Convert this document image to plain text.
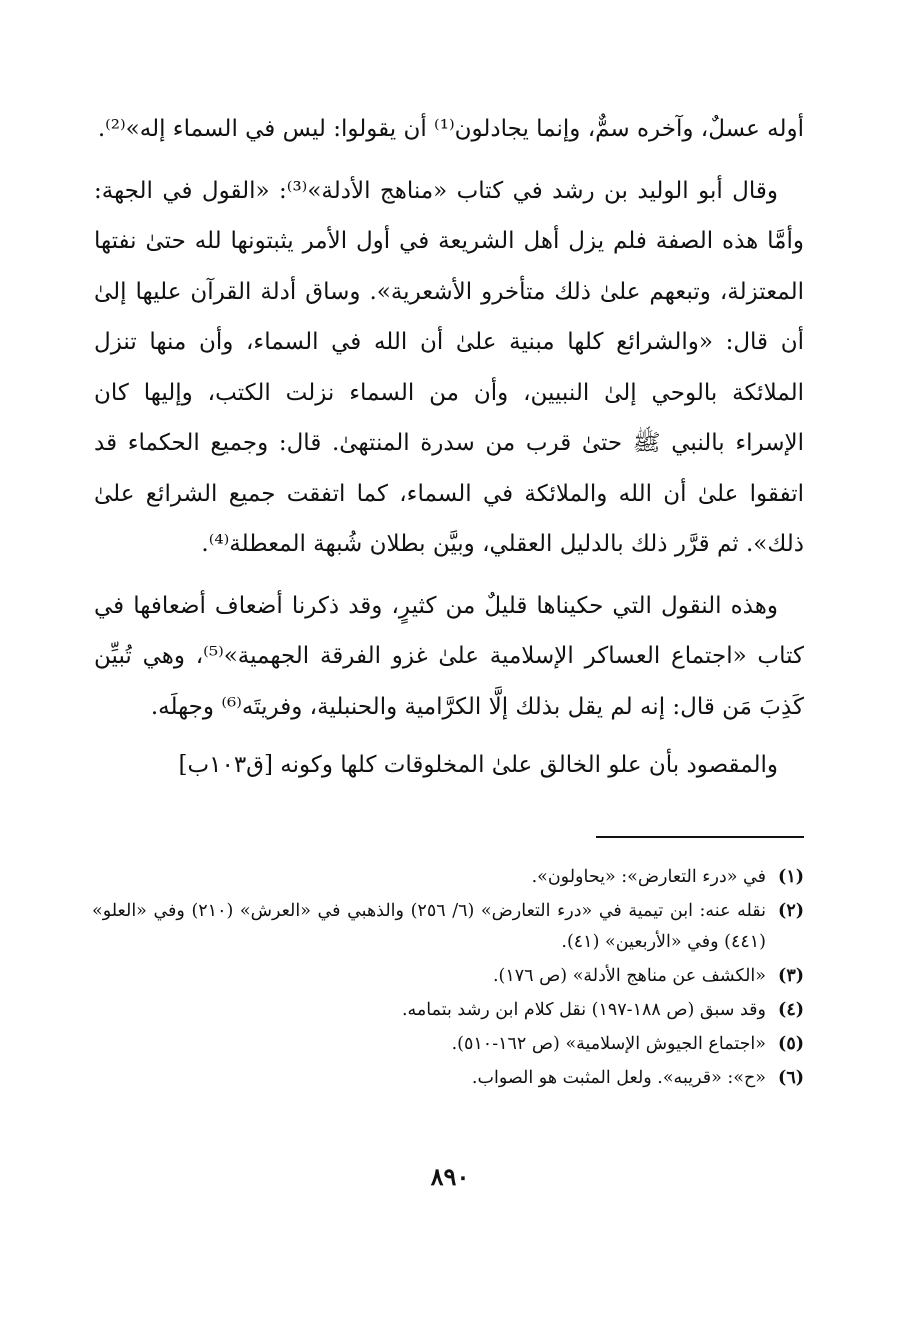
أوله عسلٌ، وآخره سمٌّ، وإنما يجادلون⁽¹⁾ أن يقولوا: ليس في السماء إله»⁽²⁾.

وقال أبو الوليد بن رشد في كتاب «مناهج الأدلة»⁽³⁾: «القول في الجهة: وأمَّا هذه الصفة فلم يزل أهل الشريعة في أول الأمر يثبتونها لله حتىٰ نفتها المعتزلة، وتبعهم علىٰ ذلك متأخرو الأشعرية». وساق أدلة القرآن عليها إلىٰ أن قال: «والشرائع كلها مبنية علىٰ أن الله في السماء، وأن منها تنزل الملائكة بالوحي إلىٰ النبيين، وأن من السماء نزلت الكتب، وإليها كان الإسراء بالنبي ﷺ حتىٰ قرب من سدرة المنتهىٰ. قال: وجميع الحكماء قد اتفقوا علىٰ أن الله والملائكة في السماء، كما اتفقت جميع الشرائع علىٰ ذلك». ثم قرَّر ذلك بالدليل العقلي، وبيَّن بطلان شُبهة المعطلة⁽⁴⁾.

وهذه النقول التي حكيناها قليلٌ من كثيرٍ، وقد ذكرنا أضعاف أضعافها في كتاب «اجتماع العساكر الإسلامية علىٰ غزو الفرقة الجهمية»⁽⁵⁾، وهي تُبيِّن كَذِبَ مَن قال: إنه لم يقل بذلك إلَّا الكرَّامية والحنبلية، وفريتَه⁽⁶⁾ وجهلَه.

والمقصود بأن علو الخالق علىٰ المخلوقات كلها وكونه [ق١٠٣ب]

(١)
في «درء التعارض»: «يحاولون».
(٢)
نقله عنه: ابن تيمية في «درء التعارض» (٦/ ٢٥٦) والذهبي في «العرش» (٢١٠) وفي «العلو» (٤٤١) وفي «الأربعين» (٤١).
(٣)
«الكشف عن مناهج الأدلة» (ص ١٧٦).
(٤)
وقد سبق (ص ١٨٨-١٩٧) نقل كلام ابن رشد بتمامه.
(٥)
«اجتماع الجيوش الإسلامية» (ص ١٦٢-٥١٠).
(٦)
«ح»: «قريبه». ولعل المثبت هو الصواب.
٨٩٠
